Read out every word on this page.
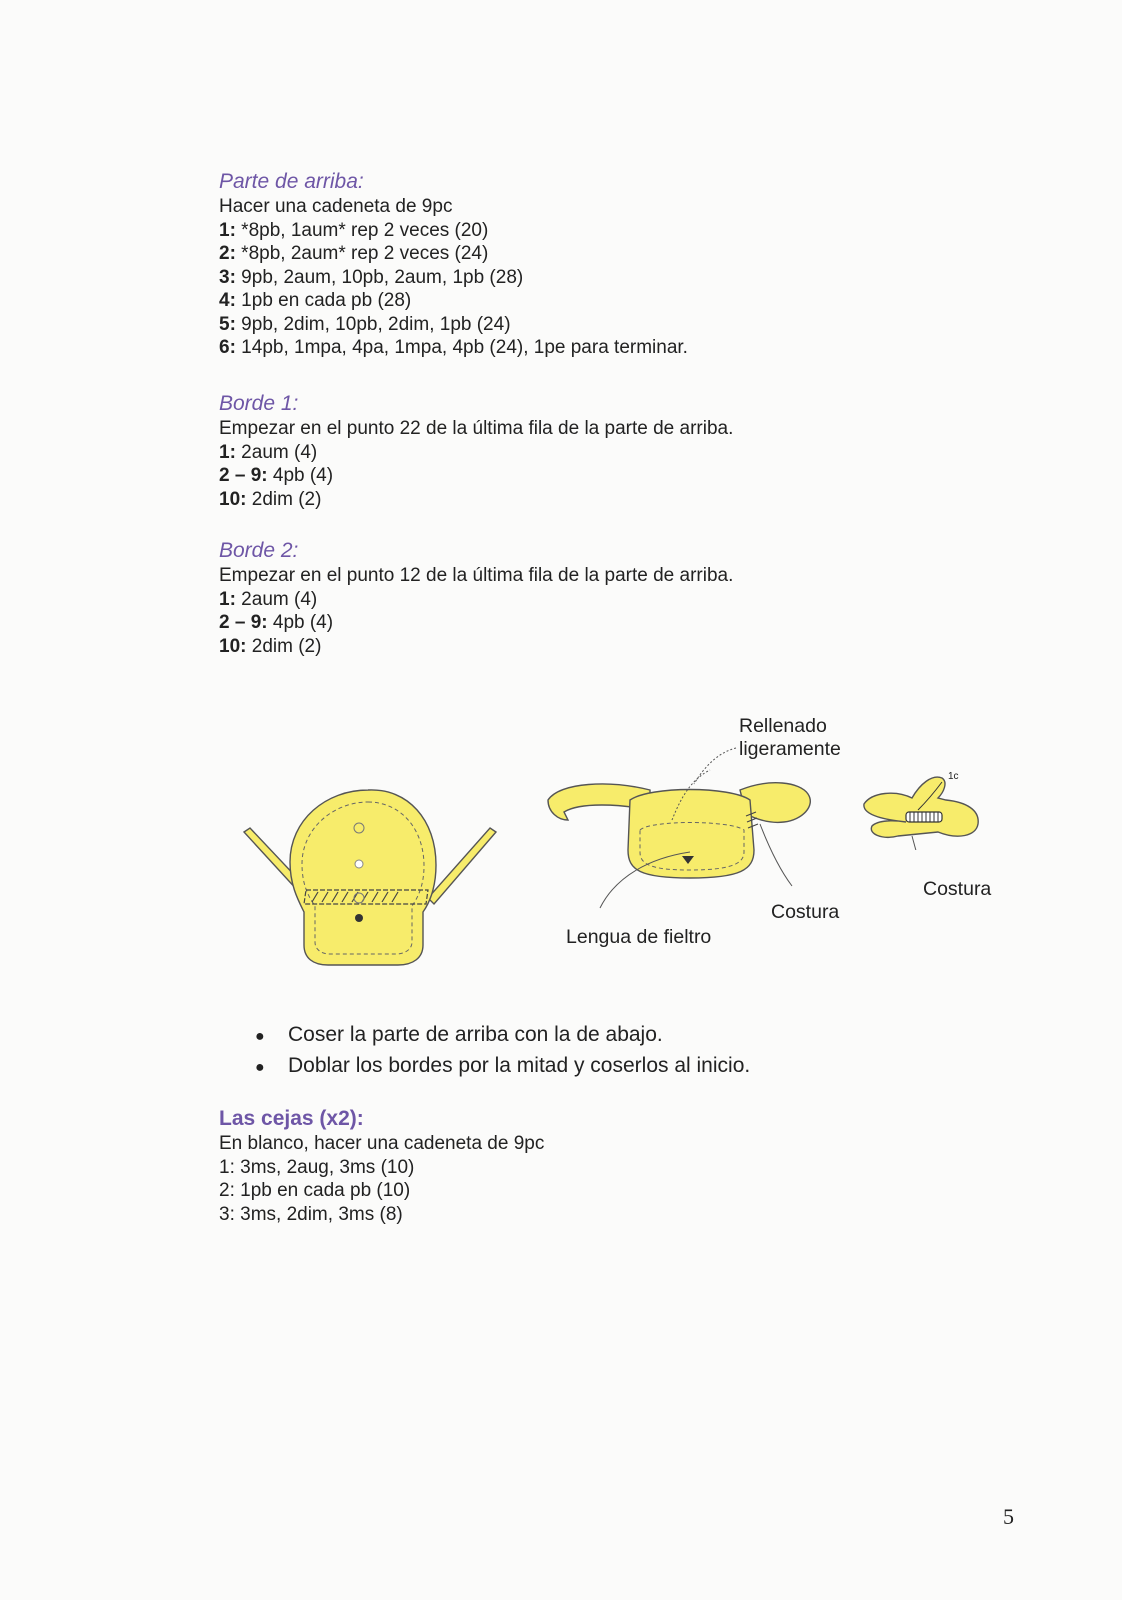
Parte de arriba:
Hacer una cadeneta de 9pc
1: *8pb, 1aum* rep 2 veces (20)
2: *8pb, 2aum* rep 2 veces (24)
3: 9pb, 2aum, 10pb, 2aum, 1pb (28)
4: 1pb en cada pb (28)
5: 9pb, 2dim, 10pb, 2dim, 1pb (24)
6: 14pb, 1mpa, 4pa, 1mpa, 4pb (24), 1pe para terminar.
Borde 1:
Empezar en el punto 22 de la última fila de la parte de arriba.
1: 2aum (4)
2 – 9: 4pb (4)
10: 2dim (2)
Borde 2:
Empezar en el punto 12 de la última fila de la parte de arriba.
1: 2aum (4)
2 – 9: 4pb (4)
10: 2dim (2)
Rellenado
ligeramente
Costura
Costura
Lengua de fieltro
1c
●	Coser la parte de arriba con la de abajo.
●	Doblar los bordes por la mitad y coserlos al inicio.
Las cejas (x2):
En blanco, hacer una cadeneta de 9pc
1: 3ms, 2aug, 3ms (10)
2: 1pb en cada pb (10)
3: 3ms, 2dim, 3ms (8)
5
